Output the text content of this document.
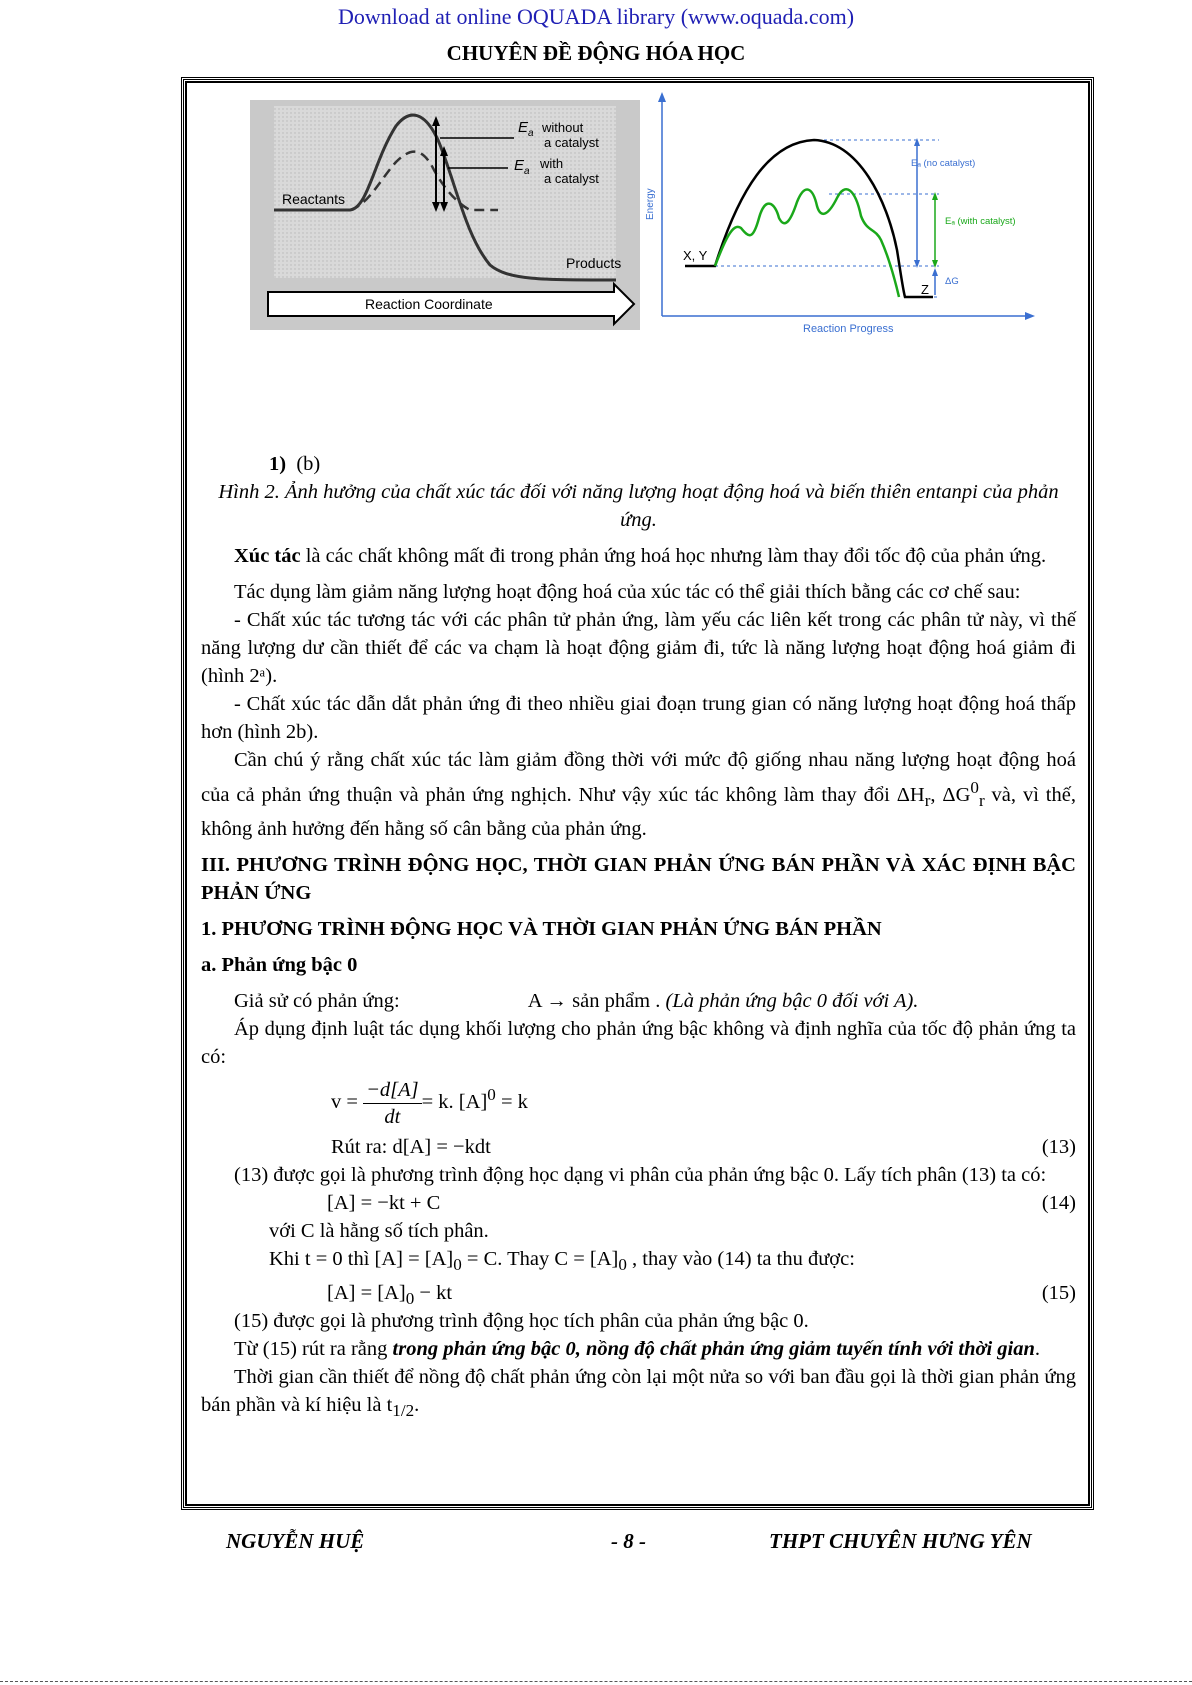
Download at online OQUADA library (www.oquada.com)
CHUYÊN ĐỀ ĐỘNG HÓA HỌC
E a without
a catalyst
E a
with
a catalyst
Reactants
Products
Reaction Coordinate
Energy
Reaction Progress
Eₐ (no catalyst)
Eₐ (with catalyst)
ΔG
X, Y
Z

1) (b)

Hình 2. Ảnh hưởng của chất xúc tác đối với năng lượng hoạt động hoá và biến thiên entanpi của phản ứng.

Xúc tác là các chất không mất đi trong phản ứng hoá học nhưng làm thay đổi tốc độ của phản ứng.

Tác dụng làm giảm năng lượng hoạt động hoá của xúc tác có thể giải thích bằng các cơ chế sau:

- Chất xúc tác tương tác với các phân tử phản ứng, làm yếu các liên kết trong các phân tử này, vì thế năng lượng dư cần thiết để các va chạm là hoạt động giảm đi, tức là năng lượng hoạt động hoá giảm đi (hình 2ᵃ).

- Chất xúc tác dẫn dắt phản ứng đi theo nhiều giai đoạn trung gian có năng lượng hoạt động hoá thấp hơn (hình 2b).

Cần chú ý rằng chất xúc tác làm giảm đồng thời với mức độ giống nhau năng lượng hoạt động hoá của cả phản ứng thuận và phản ứng nghịch. Như vậy xúc tác không làm thay đổi $\Delta H_r$, $\Delta G^0_r$ và, vì thế, không ảnh hưởng đến hằng số cân bằng của phản ứng.

III. PHƯƠNG TRÌNH ĐỘNG HỌC, THỜI GIAN PHẢN ỨNG BÁN PHẦN VÀ XÁC ĐỊNH BẬC PHẢN ỨNG

1. PHƯƠNG TRÌNH ĐỘNG HỌC VÀ THỜI GIAN PHẢN ỨNG BÁN PHẦN

a. Phản ứng bậc 0

Giả sử có phản ứng:	A → sản phẩm . (Là phản ứng bậc 0 đối với A).

Áp dụng định luật tác dụng khối lượng cho phản ứng bậc không và định nghĩa của tốc độ phản ứng ta có:

$v = \frac{-d[A]}{dt} = k$. $[A]^0 = k$
Rút ra: d[A] = −kdt	(13)

(13) được gọi là phương trình động học dạng vi phân của phản ứng bậc 0. Lấy tích phân (13) ta có:

[A] = −kt + C	(14)

với C là hằng số tích phân.

Khi t = 0 thì $[A] = [A]_0 = C$. Thay $C = [A]_0$ , thay vào (14) ta thu được:

$[A] = [A]_0$ − kt	(15)

(15) được gọi là phương trình động học tích phân của phản ứng bậc 0.

Từ (15) rút ra rằng trong phản ứng bậc 0, nồng độ chất phản ứng giảm tuyến tính với thời gian.

Thời gian cần thiết để nồng độ chất phản ứng còn lại một nửa so với ban đầu gọi là thời gian phản ứng bán phần và kí hiệu là $t_{1/2}$.

NGUYỄN HUỆ	- 8 -	THPT CHUYÊN HƯNG YÊN
